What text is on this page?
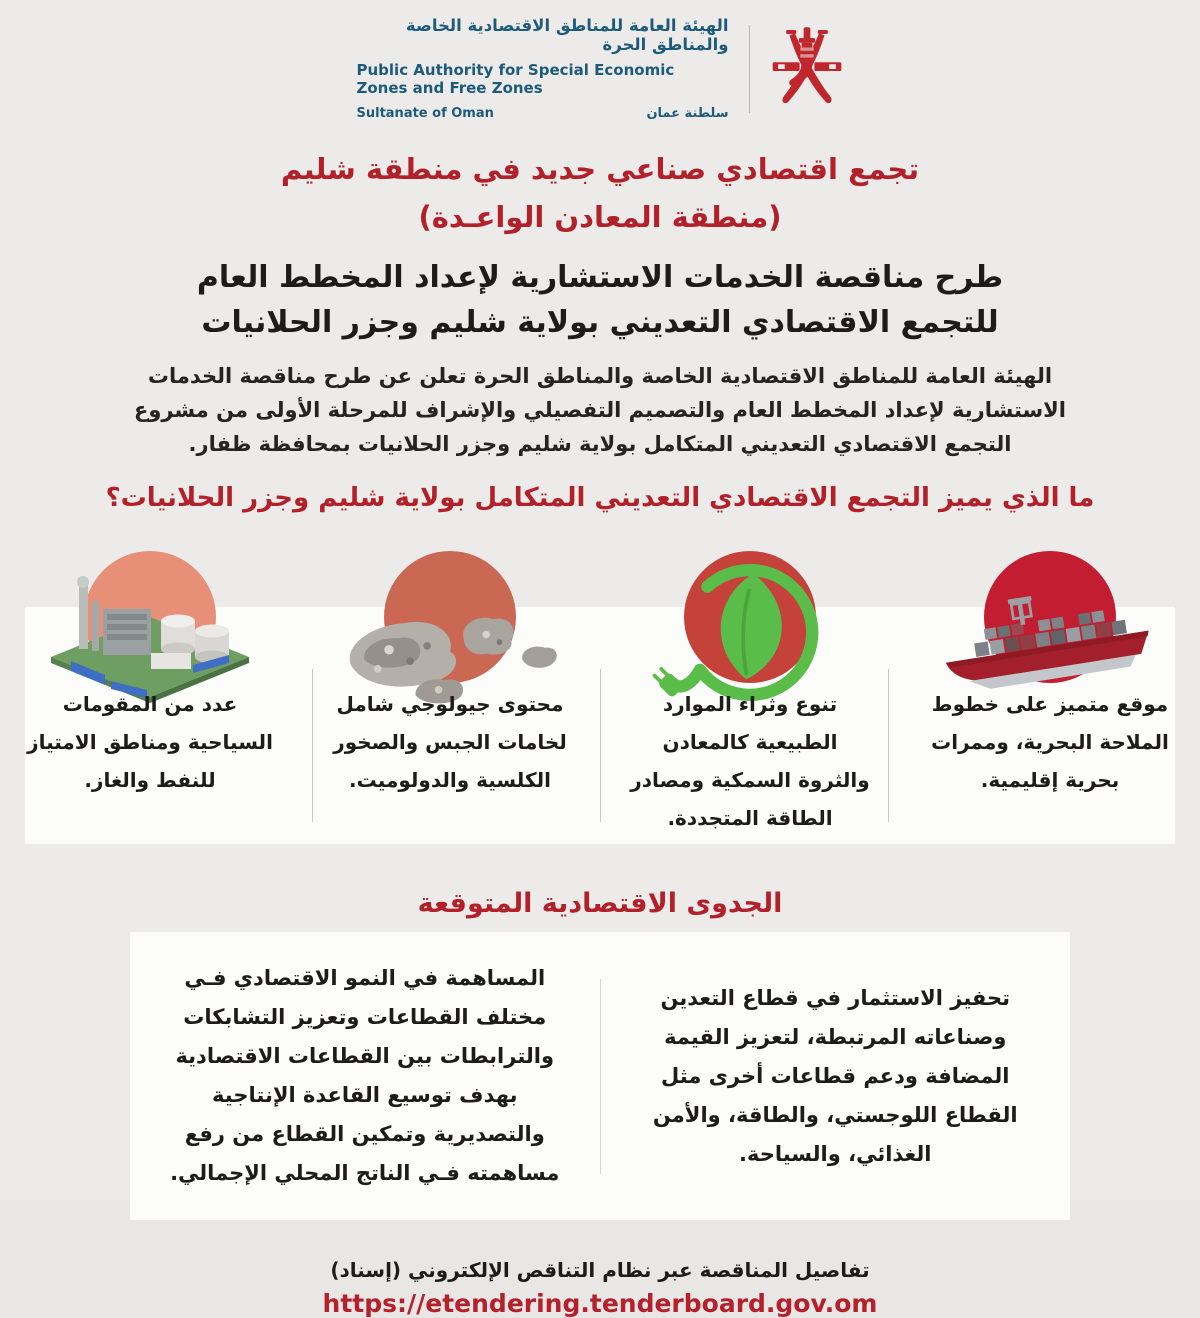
الهيئة العامة للمناطق الاقتصادية الخاصة والمناطق الحرة
Public Authority for Special Economic Zones and Free Zones
Sultanate of Oman	سلطنة عمان
تجمع اقتصادي صناعي جديد في منطقة شليم
(منطقة المعادن الواعـدة)
طرح مناقصة الخدمات الاستشارية لإعداد المخطط العام للتجمع الاقتصادي التعديني بولاية شليم وجزر الحلانيات
الهيئة العامة للمناطق الاقتصادية الخاصة والمناطق الحرة تعلن عن طرح مناقصة الخدمات الاستشارية لإعداد المخطط العام والتصميم التفصيلي والإشراف للمرحلة الأولى من مشروع التجمع الاقتصادي التعديني المتكامل بولاية شليم وجزر الحلانيات بمحافظة ظفار.
ما الذي يميز التجمع الاقتصادي التعديني المتكامل بولاية شليم وجزر الحلانيات؟
موقع متميز على خطوط الملاحة البحرية، وممرات بحرية إقليمية.
تنوع وثراء الموارد الطبيعية كالمعادن والثروة السمكية ومصادر الطاقة المتجددة.
محتوى جيولوجي شامل لخامات الجبس والصخور الكلسية والدولوميت.
عدد من المقومات السياحية ومناطق الامتياز للنفط والغاز.
الجدوى الاقتصادية المتوقعة
تحفيز الاستثمار في قطاع التعدين وصناعاته المرتبطة، لتعزيز القيمة المضافة ودعم قطاعات أخرى مثل القطاع اللوجستي، والطاقة، والأمن الغذائي، والسياحة.
المساهمة في النمو الاقتصادي فـي مختلف القطاعات وتعزيز التشابكات والترابطات بين القطاعات الاقتصادية بهدف توسيع القاعدة الإنتاجية والتصديرية وتمكين القطاع من رفع مساهمته فـي الناتج المحلي الإجمالي.
تفاصيل المناقصة عبر نظام التناقص الإلكتروني (إسناد)
https://etendering.tenderboard.gov.om
